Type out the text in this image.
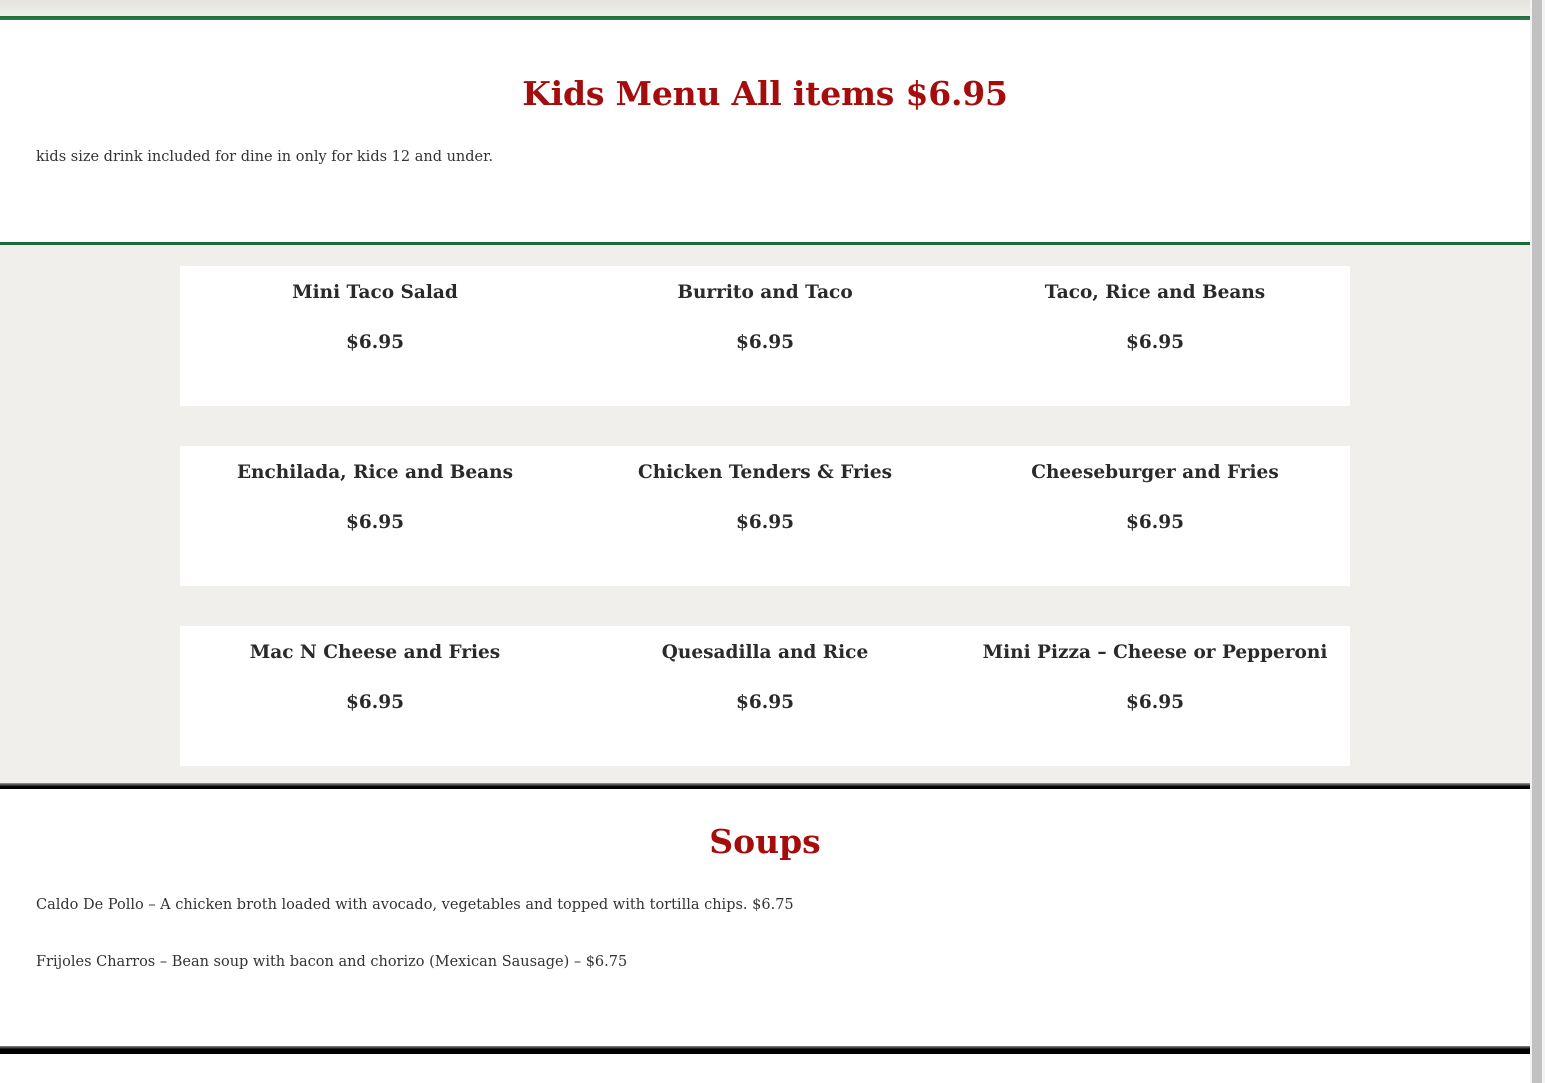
Kids Menu All items $6.95

kids size drink included for dine in only for kids 12 and under.

Mini Taco Salad
$6.95
Burrito and Taco
$6.95
Taco, Rice and Beans
$6.95
Enchilada, Rice and Beans
$6.95
Chicken Tenders & Fries
$6.95
Cheeseburger and Fries
$6.95
Mac N Cheese and Fries
$6.95
Quesadilla and Rice
$6.95
Mini Pizza – Cheese or Pepperoni
$6.95
Soups

Caldo De Pollo – A chicken broth loaded with avocado, vegetables and topped with tortilla chips. $6.75

Frijoles Charros – Bean soup with bacon and chorizo (Mexican Sausage) – $6.75
